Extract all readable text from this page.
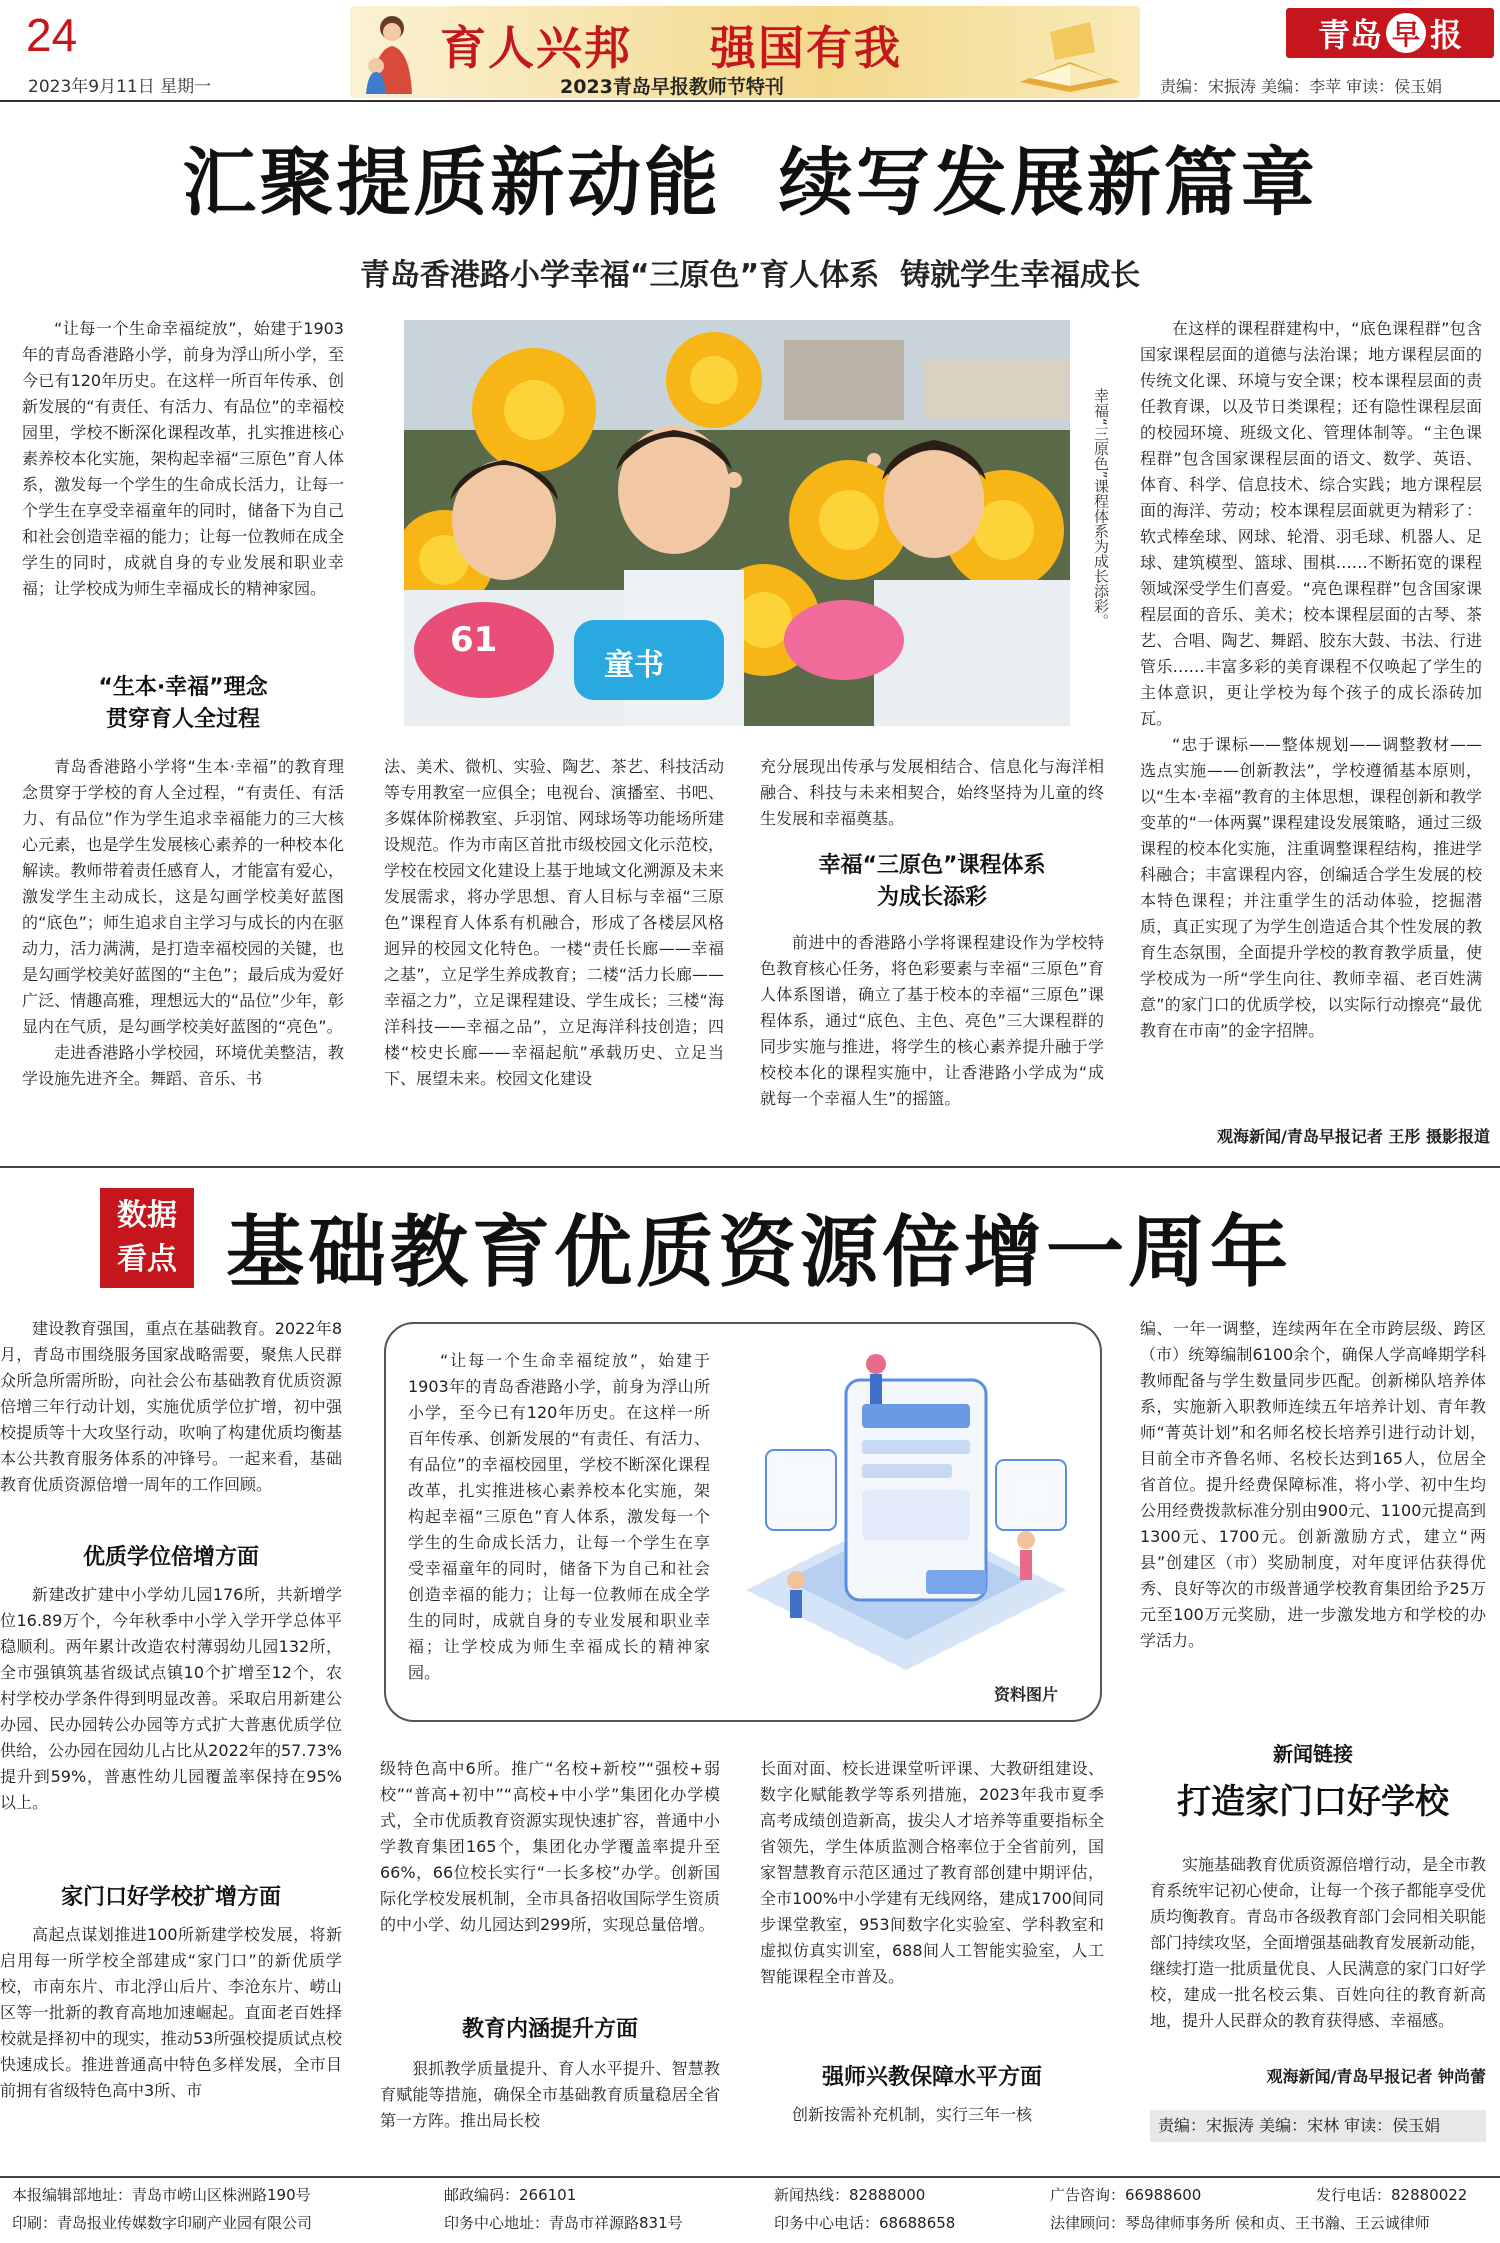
24
2023年9月11日 星期一
育人兴邦 强国有我
2023青岛早报教师节特刊
青岛 早 报
责编：宋振涛 美编：李苹 审读：侯玉娟
汇聚提质新动能  续写发展新篇章
青岛香港路小学幸福“三原色”育人体系  铸就学生幸福成长

“让每一个生命幸福绽放”，始建于1903年的青岛香港路小学，前身为浮山所小学，至今已有120年历史。在这样一所百年传承、创新发展的“有责任、有活力、有品位”的幸福校园里，学校不断深化课程改革，扎实推进核心素养校本化实施，架构起幸福“三原色”育人体系，激发每一个学生的生命成长活力，让每一个学生在享受幸福童年的同时，储备下为自己和社会创造幸福的能力；让每一位教师在成全学生的同时，成就自身的专业发展和职业幸福；让学校成为师生幸福成长的精神家园。

61
童书
幸福“三原色”课程体系为成长添彩。
“生本·幸福”理念
贯穿育人全过程

青岛香港路小学将“生本·幸福”的教育理念贯穿于学校的育人全过程，“有责任、有活力、有品位”作为学生追求幸福能力的三大核心元素，也是学生发展核心素养的一种校本化解读。教师带着责任感育人，才能富有爱心，激发学生主动成长，这是勾画学校美好蓝图的“底色”；师生追求自主学习与成长的内在驱动力，活力满满，是打造幸福校园的关键，也是勾画学校美好蓝图的“主色”；最后成为爱好广泛、情趣高雅，理想远大的“品位”少年，彰显内在气质，是勾画学校美好蓝图的“亮色”。

走进香港路小学校园，环境优美整洁，教学设施先进齐全。舞蹈、音乐、书

法、美术、微机、实验、陶艺、茶艺、科技活动等专用教室一应俱全；电视台、演播室、书吧、多媒体阶梯教室、乒羽馆、网球场等功能场所建设规范。作为市南区首批市级校园文化示范校，学校在校园文化建设上基于地域文化溯源及未来发展需求，将办学思想、育人目标与幸福“三原色”课程育人体系有机融合，形成了各楼层风格迥异的校园文化特色。一楼“责任长廊——幸福之基”，立足学生养成教育；二楼“活力长廊——幸福之力”，立足课程建设、学生成长；三楼“海洋科技——幸福之品”，立足海洋科技创造；四楼“校史长廊——幸福起航”承载历史、立足当下、展望未来。校园文化建设

充分展现出传承与发展相结合、信息化与海洋相融合、科技与未来相契合，始终坚持为儿童的终生发展和幸福奠基。

幸福“三原色”课程体系
为成长添彩

前进中的香港路小学将课程建设作为学校特色教育核心任务，将色彩要素与幸福“三原色”育人体系图谱，确立了基于校本的幸福“三原色”课程体系，通过“底色、主色、亮色”三大课程群的同步实施与推进，将学生的核心素养提升融于学校校本化的课程实施中，让香港路小学成为“成就每一个幸福人生”的摇篮。

在这样的课程群建构中，“底色课程群”包含国家课程层面的道德与法治课；地方课程层面的传统文化课、环境与安全课；校本课程层面的责任教育课，以及节日类课程；还有隐性课程层面的校园环境、班级文化、管理体制等。“主色课程群”包含国家课程层面的语文、数学、英语、体育、科学、信息技术、综合实践；地方课程层面的海洋、劳动；校本课程层面就更为精彩了：软式棒垒球、网球、轮滑、羽毛球、机器人、足球、建筑模型、篮球、围棋……不断拓宽的课程领域深受学生们喜爱。“亮色课程群”包含国家课程层面的音乐、美术；校本课程层面的古琴、茶艺、合唱、陶艺、舞蹈、胶东大鼓、书法、行进管乐……丰富多彩的美育课程不仅唤起了学生的主体意识，更让学校为每个孩子的成长添砖加瓦。

“忠于课标——整体规划——调整教材——选点实施——创新教法”，学校遵循基本原则，以“生本·幸福”教育的主体思想，课程创新和教学变革的“一体两翼”课程建设发展策略，通过三级课程的校本化实施，注重调整课程结构，推进学科融合；丰富课程内容，创编适合学生发展的校本特色课程；并注重学生的活动体验，挖掘潜质，真正实现了为学生创造适合其个性发展的教育生态氛围，全面提升学校的教育教学质量，使学校成为一所“学生向往、教师幸福、老百姓满意”的家门口的优质学校，以实际行动擦亮“最优教育在市南”的金字招牌。

观海新闻/青岛早报记者 王彤 摄影报道
数据
看点 基础教育优质资源倍增一周年

建设教育强国，重点在基础教育。2022年8月，青岛市围绕服务国家战略需要，聚焦人民群众所急所需所盼，向社会公布基础教育优质资源倍增三年行动计划，实施优质学位扩增，初中强校提质等十大攻坚行动，吹响了构建优质均衡基本公共教育服务体系的冲锋号。一起来看，基础教育优质资源倍增一周年的工作回顾。

优质学位倍增方面

新建改扩建中小学幼儿园176所，共新增学位16.89万个，今年秋季中小学入学开学总体平稳顺利。两年累计改造农村薄弱幼儿园132所，全市强镇筑基省级试点镇10个扩增至12个，农村学校办学条件得到明显改善。采取启用新建公办园、民办园转公办园等方式扩大普惠优质学位供给，公办园在园幼儿占比从2022年的57.73%提升到59%，普惠性幼儿园覆盖率保持在95%以上。

家门口好学校扩增方面

高起点谋划推进100所新建学校发展，将新启用每一所学校全部建成“家门口”的新优质学校，市南东片、市北浮山后片、李沧东片、崂山区等一批新的教育高地加速崛起。直面老百姓择校就是择初中的现实，推动53所强校提质试点校快速成长。推进普通高中特色多样发展，全市目前拥有省级特色高中3所、市

“让每一个生命幸福绽放”，始建于1903年的青岛香港路小学，前身为浮山所小学，至今已有120年历史。在这样一所百年传承、创新发展的“有责任、有活力、有品位”的幸福校园里，学校不断深化课程改革，扎实推进核心素养校本化实施，架构起幸福“三原色”育人体系，激发每一个学生的生命成长活力，让每一个学生在享受幸福童年的同时，储备下为自己和社会创造幸福的能力；让每一位教师在成全学生的同时，成就自身的专业发展和职业幸福；让学校成为师生幸福成长的精神家园。

资料图片

级特色高中6所。推广“名校+新校”“强校+弱校”“普高+初中”“高校+中小学”集团化办学模式，全市优质教育资源实现快速扩容，普通中小学教育集团165个，集团化办学覆盖率提升至66%，66位校长实行“一长多校”办学。创新国际化学校发展机制，全市具备招收国际学生资质的中小学、幼儿园达到299所，实现总量倍增。

教育内涵提升方面

狠抓教学质量提升、育人水平提升、智慧教育赋能等措施，确保全市基础教育质量稳居全省第一方阵。推出局长校

长面对面、校长进课堂听评课、大教研组建设、数字化赋能教学等系列措施，2023年我市夏季高考成绩创造新高，拔尖人才培养等重要指标全省领先，学生体质监测合格率位于全省前列，国家智慧教育示范区通过了教育部创建中期评估，全市100%中小学建有无线网络，建成1700间同步课堂教室，953间数字化实验室、学科教室和虚拟仿真实训室，688间人工智能实验室，人工智能课程全市普及。

强师兴教保障水平方面

创新按需补充机制，实行三年一核

编、一年一调整，连续两年在全市跨层级、跨区（市）统筹编制6100余个，确保人学高峰期学科教师配备与学生数量同步匹配。创新梯队培养体系，实施新入职教师连续五年培养计划、青年教师“菁英计划”和名师名校长培养引进行动计划，目前全市齐鲁名师、名校长达到165人，位居全省首位。提升经费保障标准，将小学、初中生均公用经费拨款标准分别由900元、1100元提高到1300元、1700元。创新激励方式，建立“两县”创建区（市）奖励制度，对年度评估获得优秀、良好等次的市级普通学校教育集团给予25万元至100万元奖励，进一步激发地方和学校的办学活力。

新闻链接
打造家门口好学校

实施基础教育优质资源倍增行动，是全市教育系统牢记初心使命，让每一个孩子都能享受优质均衡教育。青岛市各级教育部门会同相关职能部门持续攻坚，全面增强基础教育发展新动能，继续打造一批质量优良、人民满意的家门口好学校，建成一批名校云集、百姓向往的教育新高地，提升人民群众的教育获得感、幸福感。

观海新闻/青岛早报记者 钟尚蕾
责编：宋振涛 美编：宋林 审读：侯玉娟
本报编辑部地址：青岛市崂山区株洲路190号	邮政编码：266101	新闻热线：82888000	广告咨询：66988600	发行电话：82880022
印刷：青岛报业传媒数字印刷产业园有限公司	印务中心地址：青岛市祥源路831号	印务中心电话：68688658	法律顾问：琴岛律师事务所 侯和贞、王书瀚、王云诚律师
